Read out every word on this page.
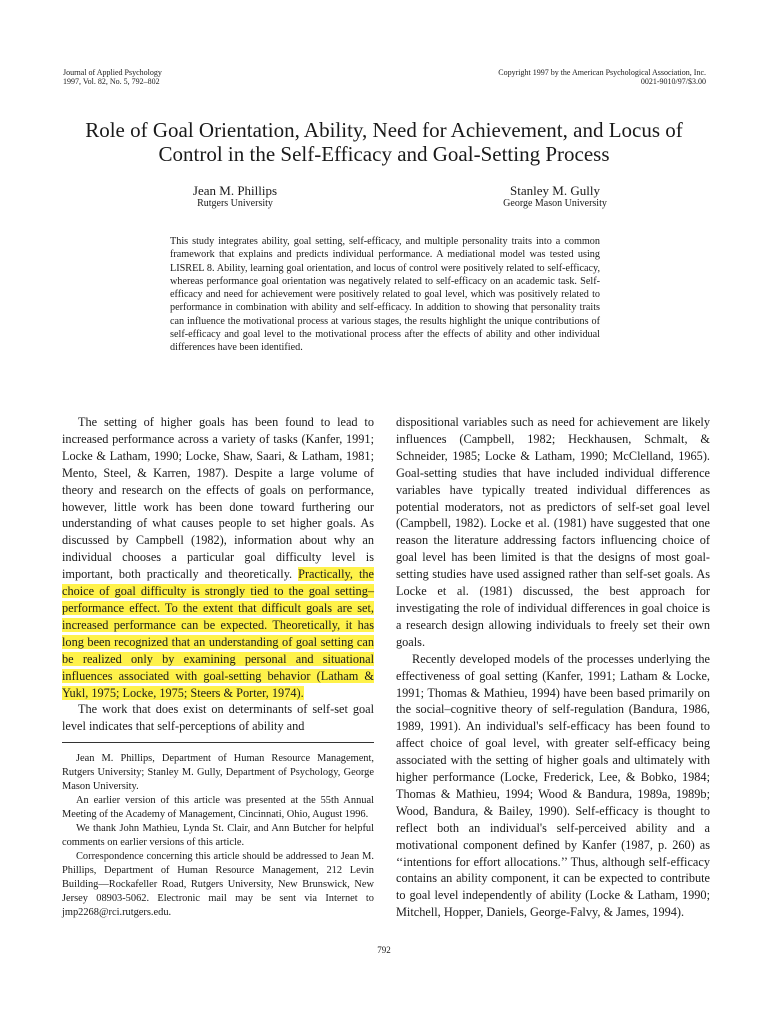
Journal of Applied Psychology
1997, Vol. 82, No. 5, 792–802
Copyright 1997 by the American Psychological Association, Inc.
0021-9010/97/$3.00
Role of Goal Orientation, Ability, Need for Achievement, and Locus of
Control in the Self-Efficacy and Goal-Setting Process
Jean M. Phillips
Rutgers University
Stanley M. Gully
George Mason University
This study integrates ability, goal setting, self-efficacy, and multiple personality traits into a common framework that explains and predicts individual performance. A mediational model was tested using LISREL 8. Ability, learning goal orientation, and locus of control were positively related to self-efficacy, whereas performance goal orientation was negatively related to self-efficacy on an academic task. Self-efficacy and need for achievement were positively related to goal level, which was positively related to performance in combination with ability and self-efficacy. In addition to showing that personality traits can influence the motivational process at various stages, the results highlight the unique contributions of self-efficacy and goal level to the motivational process after the effects of ability and other individual differences have been identified.

The setting of higher goals has been found to lead to increased performance across a variety of tasks (Kanfer, 1991; Locke & Latham, 1990; Locke, Shaw, Saari, & Latham, 1981; Mento, Steel, & Karren, 1987). Despite a large volume of theory and research on the effects of goals on performance, however, little work has been done toward furthering our understanding of what causes people to set higher goals. As discussed by Campbell (1982), information about why an individual chooses a particular goal difficulty level is important, both practically and theoretically. Practically, the choice of goal difficulty is strongly tied to the goal setting–performance effect. To the extent that difficult goals are set, increased performance can be expected. Theoretically, it has long been recognized that an understanding of goal setting can be realized only by examining personal and situational influences associated with goal-setting behavior (Latham & Yukl, 1975; Locke, 1975; Steers & Porter, 1974).

The work that does exist on determinants of self-set goal level indicates that self-perceptions of ability and

dispositional variables such as need for achievement are likely influences (Campbell, 1982; Heckhausen, Schmalt, & Schneider, 1985; Locke & Latham, 1990; McClelland, 1965). Goal-setting studies that have included individual difference variables have typically treated individual differences as potential moderators, not as predictors of self-set goal level (Campbell, 1982). Locke et al. (1981) have suggested that one reason the literature addressing factors influencing choice of goal level has been limited is that the designs of most goal-setting studies have used assigned rather than self-set goals. As Locke et al. (1981) discussed, the best approach for investigating the role of individual differences in goal choice is a research design allowing individuals to freely set their own goals.

Recently developed models of the processes underlying the effectiveness of goal setting (Kanfer, 1991; Latham & Locke, 1991; Thomas & Mathieu, 1994) have been based primarily on the social–cognitive theory of self-regulation (Bandura, 1986, 1989, 1991). An individual's self-efficacy has been found to affect choice of goal level, with greater self-efficacy being associated with the setting of higher goals and ultimately with higher performance (Locke, Frederick, Lee, & Bobko, 1984; Thomas & Mathieu, 1994; Wood & Bandura, 1989a, 1989b; Wood, Bandura, & Bailey, 1990). Self-efficacy is thought to reflect both an individual's self-perceived ability and a motivational component defined by Kanfer (1987, p. 260) as ‘‘intentions for effort allocations.’’ Thus, although self-efficacy contains an ability component, it can be expected to contribute to goal level independently of ability (Locke & Latham, 1990; Mitchell, Hopper, Daniels, George-Falvy, & James, 1994).

Jean M. Phillips, Department of Human Resource Management, Rutgers University; Stanley M. Gully, Department of Psychology, George Mason University.

An earlier version of this article was presented at the 55th Annual Meeting of the Academy of Management, Cincinnati, Ohio, August 1996.

We thank John Mathieu, Lynda St. Clair, and Ann Butcher for helpful comments on earlier versions of this article.

Correspondence concerning this article should be addressed to Jean M. Phillips, Department of Human Resource Management, 212 Levin Building—Rockafeller Road, Rutgers University, New Brunswick, New Jersey 08903-5062. Electronic mail may be sent via Internet to jmp2268@rci.rutgers.edu.

792
